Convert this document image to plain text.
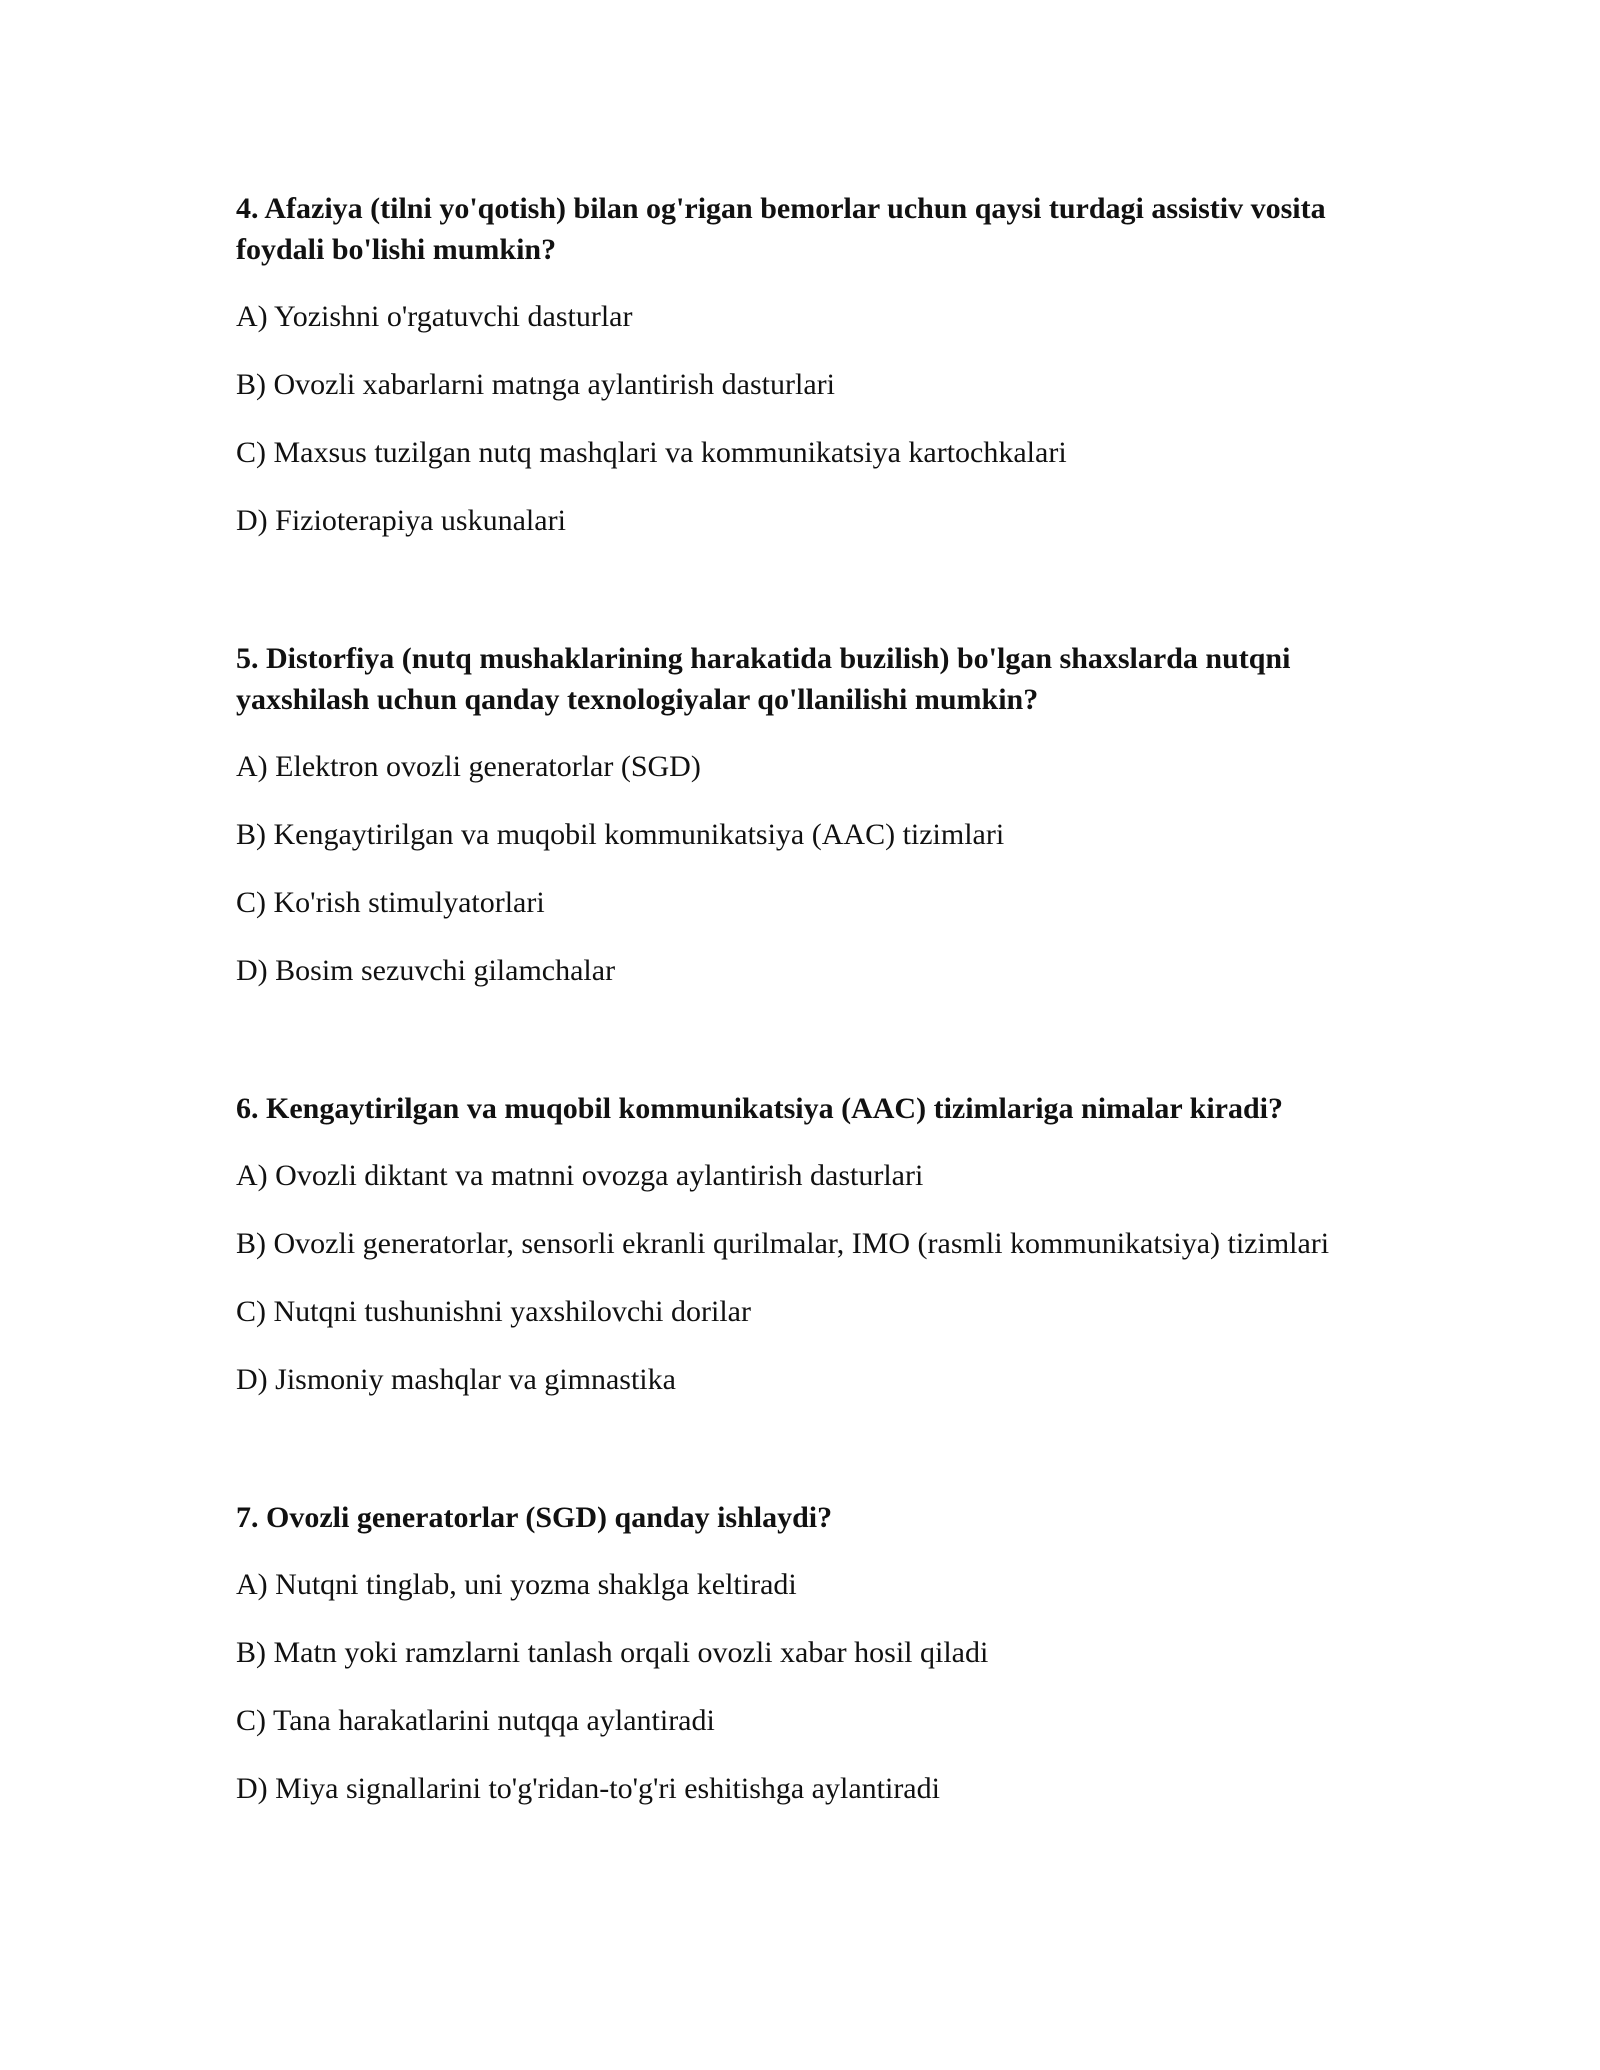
4. Afaziya (tilni yo'qotish) bilan og'rigan bemorlar uchun qaysi turdagi assistiv vosita foydali bo'lishi mumkin?

A) Yozishni o'rgatuvchi dasturlar

B) Ovozli xabarlarni matnga aylantirish dasturlari

C) Maxsus tuzilgan nutq mashqlari va kommunikatsiya kartochkalari

D) Fizioterapiya uskunalari

5. Distorfiya (nutq mushaklarining harakatida buzilish) bo'lgan shaxslarda nutqni yaxshilash uchun qanday texnologiyalar qo'llanilishi mumkin?

A) Elektron ovozli generatorlar (SGD)

B) Kengaytirilgan va muqobil kommunikatsiya (AAC) tizimlari

C) Ko'rish stimulyatorlari

D) Bosim sezuvchi gilamchalar

6. Kengaytirilgan va muqobil kommunikatsiya (AAC) tizimlariga nimalar kiradi?

A) Ovozli diktant va matnni ovozga aylantirish dasturlari

B) Ovozli generatorlar, sensorli ekranli qurilmalar, IMO (rasmli kommunikatsiya) tizimlari

C) Nutqni tushunishni yaxshilovchi dorilar

D) Jismoniy mashqlar va gimnastika

7. Ovozli generatorlar (SGD) qanday ishlaydi?

A) Nutqni tinglab, uni yozma shaklga keltiradi

B) Matn yoki ramzlarni tanlash orqali ovozli xabar hosil qiladi

C) Tana harakatlarini nutqqa aylantiradi

D) Miya signallarini to'g'ridan-to'g'ri eshitishga aylantiradi
